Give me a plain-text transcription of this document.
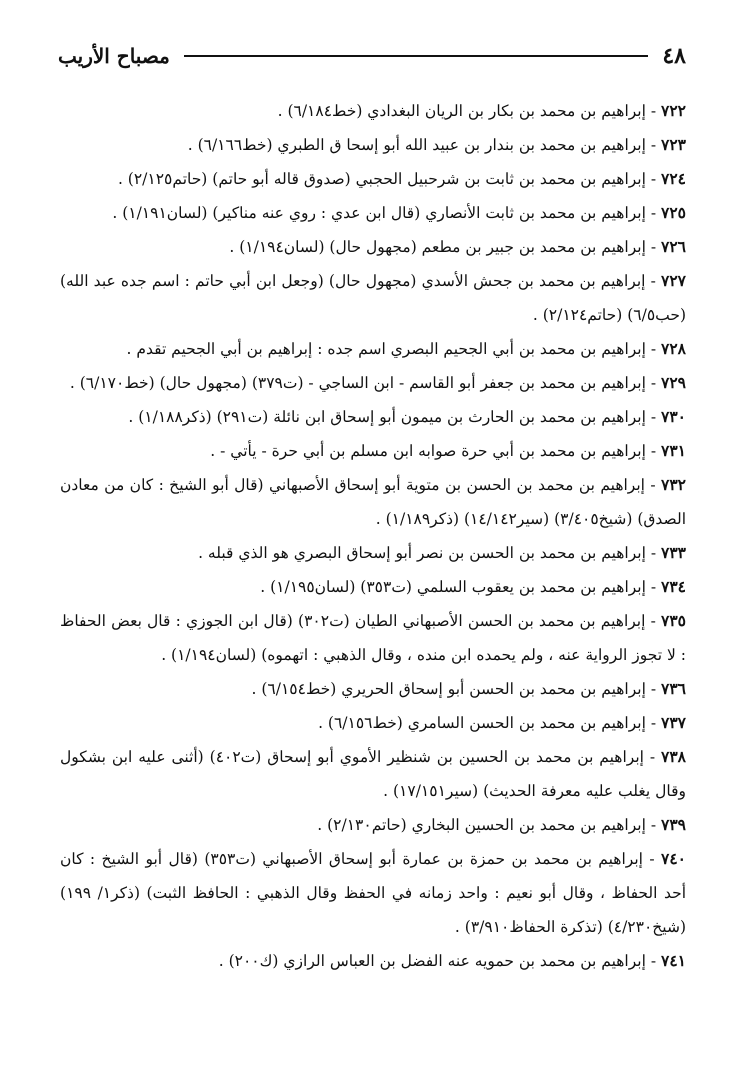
٤٨
مصباح الأريب

٧٢٢ - إبراهيم بن محمد بن بكار بن الريان البغدادي (خط٦/١٨٤) .

٧٢٣ - إبراهيم بن محمد بن بندار بن عبيد الله أبو إسحا ق الطبري (خط٦/١٦٦) .

٧٢٤ - إبراهيم بن محمد بن ثابت بن شرحبيل الحجبي (صدوق قاله أبو حاتم) (حاتم٢/١٢٥) .

٧٢٥ - إبراهيم بن محمد بن ثابت الأنصاري (قال ابن عدي : روي عنه مناكير) (لسان١/١٩١) .

٧٢٦ - إبراهيم بن محمد بن جبير بن مطعم (مجهول حال) (لسان١/١٩٤) .

٧٢٧ - إبراهيم بن محمد بن جحش الأسدي (مجهول حال) (وجعل ابن أبي حاتم : اسم جده عبد الله) (حب٦/٥) (حاتم٢/١٢٤) .

٧٢٨ - إبراهيم بن محمد بن أبي الجحيم البصري اسم جده : إبراهيم بن أبي الجحيم تقدم .

٧٢٩ - إبراهيم بن محمد بن جعفر أبو القاسم - ابن الساجي - (ت٣٧٩) (مجهول حال) (خط٦/١٧٠) .

٧٣٠ - إبراهيم بن محمد بن الحارث بن ميمون أبو إسحاق ابن نائلة (ت٢٩١) (ذكر١/١٨٨) .

٧٣١ - إبراهيم بن محمد بن أبي حرة صوابه ابن مسلم بن أبي حرة - يأتي - .

٧٣٢ - إبراهيم بن محمد بن الحسن بن متوية أبو إسحاق الأصبهاني (قال أبو الشيخ : كان من معادن الصدق) (شيخ٣/٤٠٥) (سير١٤/١٤٢) (ذكر١/١٨٩) .

٧٣٣ - إبراهيم بن محمد بن الحسن بن نصر أبو إسحاق البصري هو الذي قبله .

٧٣٤ - إبراهيم بن محمد بن يعقوب السلمي (ت٣٥٣) (لسان١/١٩٥) .

٧٣٥ - إبراهيم بن محمد بن الحسن الأصبهاني الطيان (ت٣٠٢) (قال ابن الجوزي : قال بعض الحفاظ : لا تجوز الرواية عنه ، ولم يحمده ابن منده ، وقال الذهبي : اتهموه) (لسان١/١٩٤) .

٧٣٦ - إبراهيم بن محمد بن الحسن أبو إسحاق الحريري (خط٦/١٥٤) .

٧٣٧ - إبراهيم بن محمد بن الحسن السامري (خط٦/١٥٦) .

٧٣٨ - إبراهيم بن محمد بن الحسين بن شنظير الأموي أبو إسحاق (ت٤٠٢) (أثنى عليه ابن بشكول وقال يغلب عليه معرفة الحديث) (سير١٧/١٥١) .

٧٣٩ - إبراهيم بن محمد بن الحسين البخاري (حاتم٢/١٣٠) .

٧٤٠ - إبراهيم بن محمد بن حمزة بن عمارة أبو إسحاق الأصبهاني (ت٣٥٣) (قال أبو الشيخ : كان أحد الحفاظ ، وقال أبو نعيم : واحد زمانه في الحفظ وقال الذهبي : الحافظ الثبت) (ذكر١/ ١٩٩) (شيخ٤/٢٣٠) (تذكرة الحفاظ٣/٩١٠) .

٧٤١ - إبراهيم بن محمد بن حمويه عنه الفضل بن العباس الرازي (ك٢٠٠) .
